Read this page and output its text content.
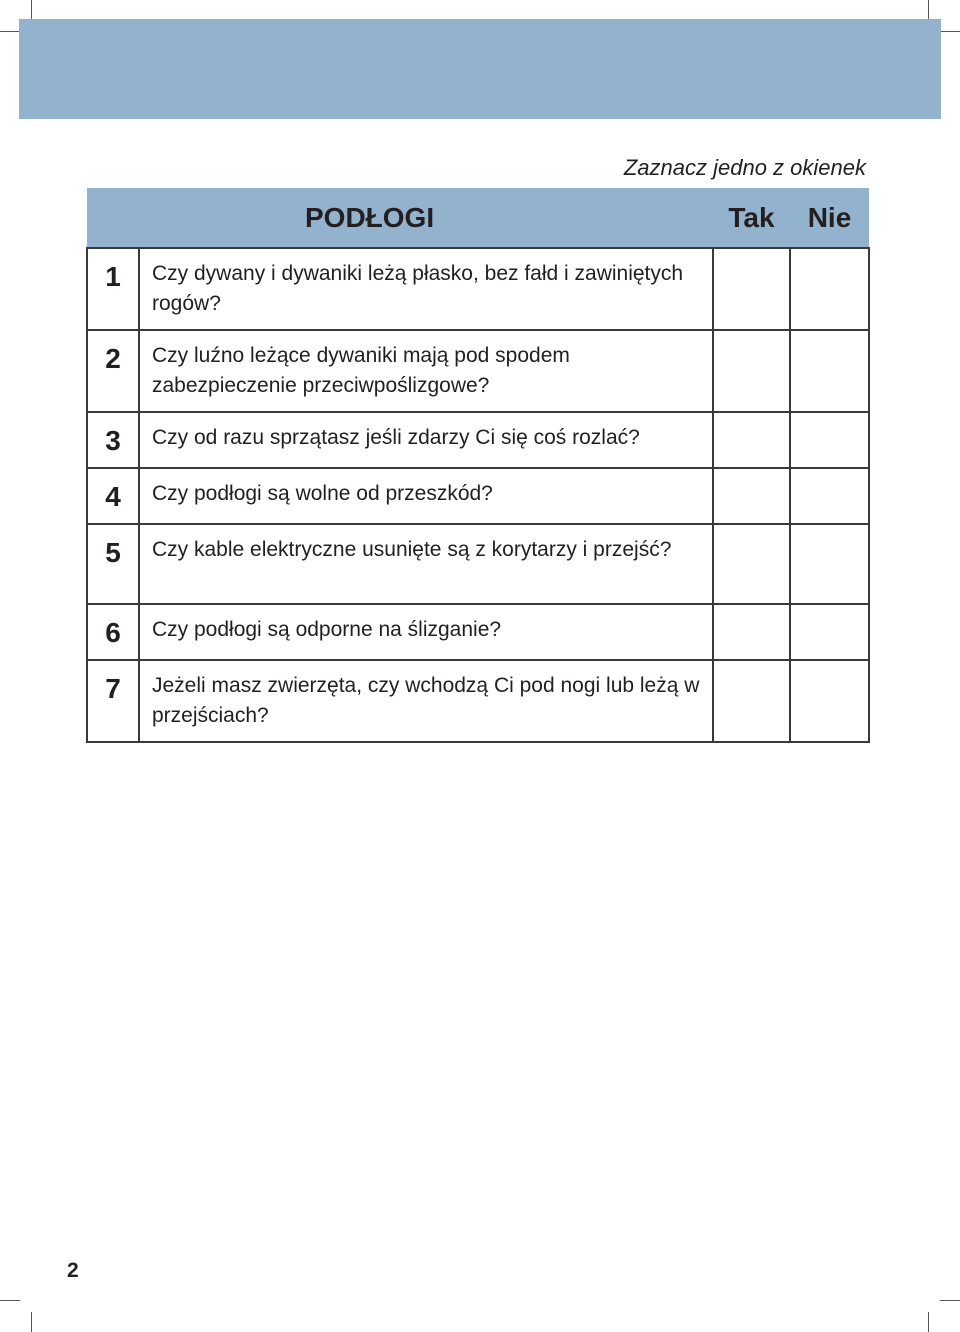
Zaznacz jedno z okienek
PODŁOGI		Tak	Nie
1	Czy dywany i dywaniki leżą płasko, bez fałd i zawiniętych rogów?		
2	Czy luźno leżące dywaniki mają pod spodem zabezpieczenie przeciwpoślizgowe?		
3	Czy od razu sprzątasz jeśli zdarzy Ci się coś rozlać?		
4	Czy podłogi są wolne od przeszkód?		
5	Czy kable elektryczne usunięte są z korytarzy i przejść?		
6	Czy podłogi są odporne na ślizganie?		
7	Jeżeli masz zwierzęta, czy wchodzą Ci pod nogi lub leżą w przejściach?		
2
